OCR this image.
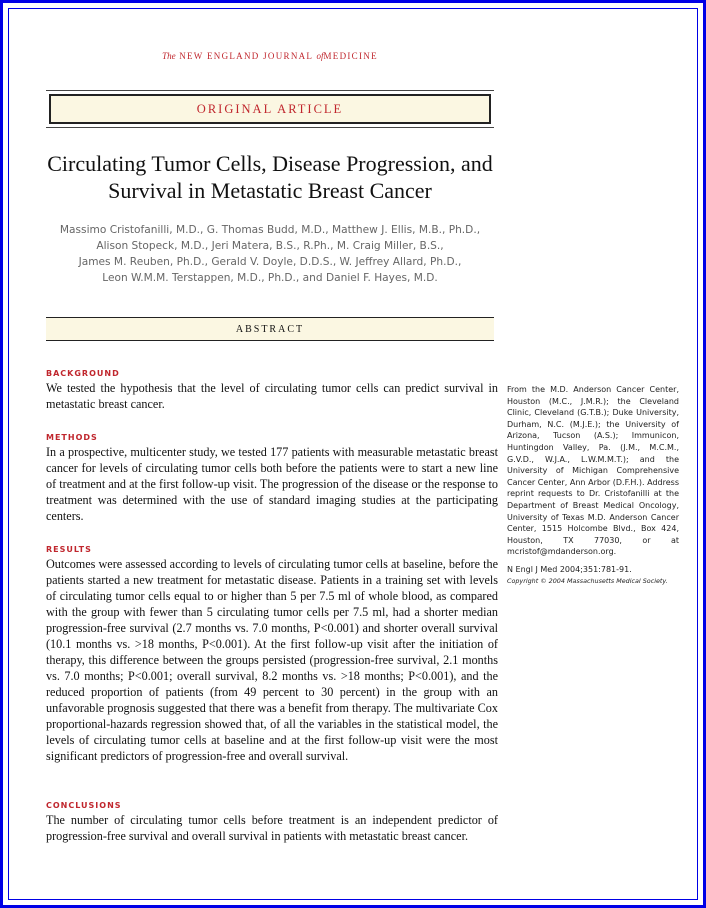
The NEW ENGLAND JOURNAL ofMEDICINE
ORIGINAL ARTICLE
Circulating Tumor Cells, Disease Progression, and Survival in Metastatic Breast Cancer
Massimo Cristofanilli, M.D., G. Thomas Budd, M.D., Matthew J. Ellis, M.B., Ph.D.,
Alison Stopeck, M.D., Jeri Matera, B.S., R.Ph., M. Craig Miller, B.S.,
James M. Reuben, Ph.D., Gerald V. Doyle, D.D.S., W. Jeffrey Allard, Ph.D.,
Leon W.M.M. Terstappen, M.D., Ph.D., and Daniel F. Hayes, M.D.
ABSTRACT
BACKGROUND

We tested the hypothesis that the level of circulating tumor cells can predict survival in metastatic breast cancer.

METHODS

In a prospective, multicenter study, we tested 177 patients with measurable metastatic breast cancer for levels of circulating tumor cells both before the patients were to start a new line of treatment and at the first follow-up visit. The progression of the disease or the response to treatment was determined with the use of standard imaging studies at the participating centers.

RESULTS

Outcomes were assessed according to levels of circulating tumor cells at baseline, before the patients started a new treatment for metastatic disease. Patients in a training set with levels of circulating tumor cells equal to or higher than 5 per 7.5 ml of whole blood, as compared with the group with fewer than 5 circulating tumor cells per 7.5 ml, had a shorter median progression-free survival (2.7 months vs. 7.0 months, P<0.001) and shorter overall survival (10.1 months vs. >18 months, P<0.001). At the first follow-up visit after the initiation of therapy, this difference between the groups persisted (progression-free survival, 2.1 months vs. 7.0 months; P<0.001; overall survival, 8.2 months vs. >18 months; P<0.001), and the reduced proportion of patients (from 49 percent to 30 percent) in the group with an unfavorable prognosis suggested that there was a benefit from therapy. The multivariate Cox proportional-hazards regression showed that, of all the variables in the statistical model, the levels of circulating tumor cells at baseline and at the first follow-up visit were the most significant predictors of progression-free and overall survival.

CONCLUSIONS

The number of circulating tumor cells before treatment is an independent predictor of progression-free survival and overall survival in patients with metastatic breast cancer.

From the M.D. Anderson Cancer Center, Houston (M.C., J.M.R.); the Cleveland Clinic, Cleveland (G.T.B.); Duke University, Durham, N.C. (M.J.E.); the University of Arizona, Tucson (A.S.); Immunicon, Huntingdon Valley, Pa. (J.M., M.C.M., G.V.D., W.J.A., L.W.M.M.T.); and the University of Michigan Comprehensive Cancer Center, Ann Arbor (D.F.H.). Address reprint requests to Dr. Cristofanilli at the Department of Breast Medical Oncology, University of Texas M.D. Anderson Cancer Center, 1515 Holcombe Blvd., Box 424, Houston, TX 77030, or at mcristof@mdanderson.org.

N Engl J Med 2004;351:781-91.

Copyright © 2004 Massachusetts Medical Society.
